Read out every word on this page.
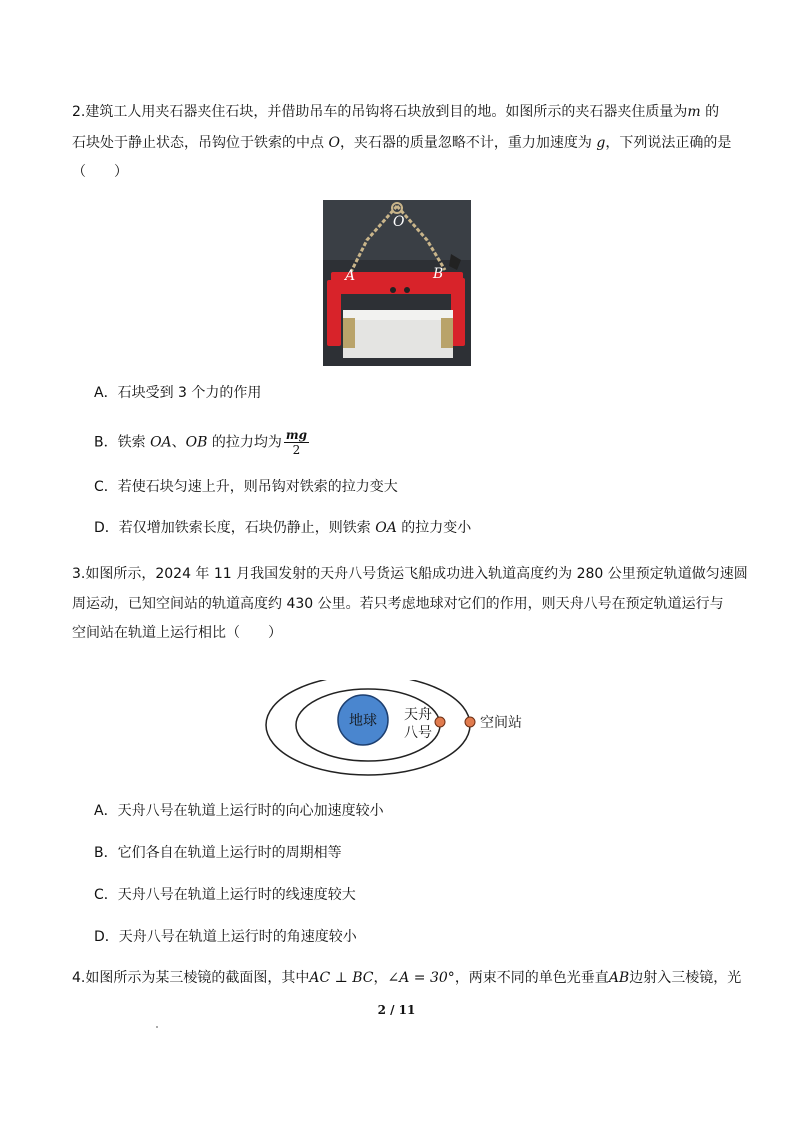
2.建筑工人用夹石器夹住石块，并借助吊车的吊钩将石块放到目的地。如图所示的夹石器夹住质量为m 的
石块处于静止状态，吊钩位于铁索的中点 O，夹石器的质量忽略不计，重力加速度为 g，下列说法正确的是
（　　）
O
A	B
A．石块受到 3 个力的作用
B．铁索 OA、OB 的拉力均为 $\frac{mg}{2}$
C．若使石块匀速上升，则吊钩对铁索的拉力变大
D．若仅增加铁索长度，石块仍静止，则铁索 OA 的拉力变小
3.如图所示，2024 年 11 月我国发射的天舟八号货运飞船成功进入轨道高度约为 280 公里预定轨道做匀速圆
周运动，已知空间站的轨道高度约 430 公里。若只考虑地球对它们的作用，则天舟八号在预定轨道运行与
空间站在轨道上运行相比（　　）
地球 天舟
八号
空间站
A．天舟八号在轨道上运行时的向心加速度较小
B．它们各自在轨道上运行时的周期相等
C．天舟八号在轨道上运行时的线速度较大
D．天舟八号在轨道上运行时的角速度较小
4.如图所示为某三棱镜的截面图，其中AC ⊥ BC，∠A = 30°，两束不同的单色光垂直AB边射入三棱镜，光
2 / 11
